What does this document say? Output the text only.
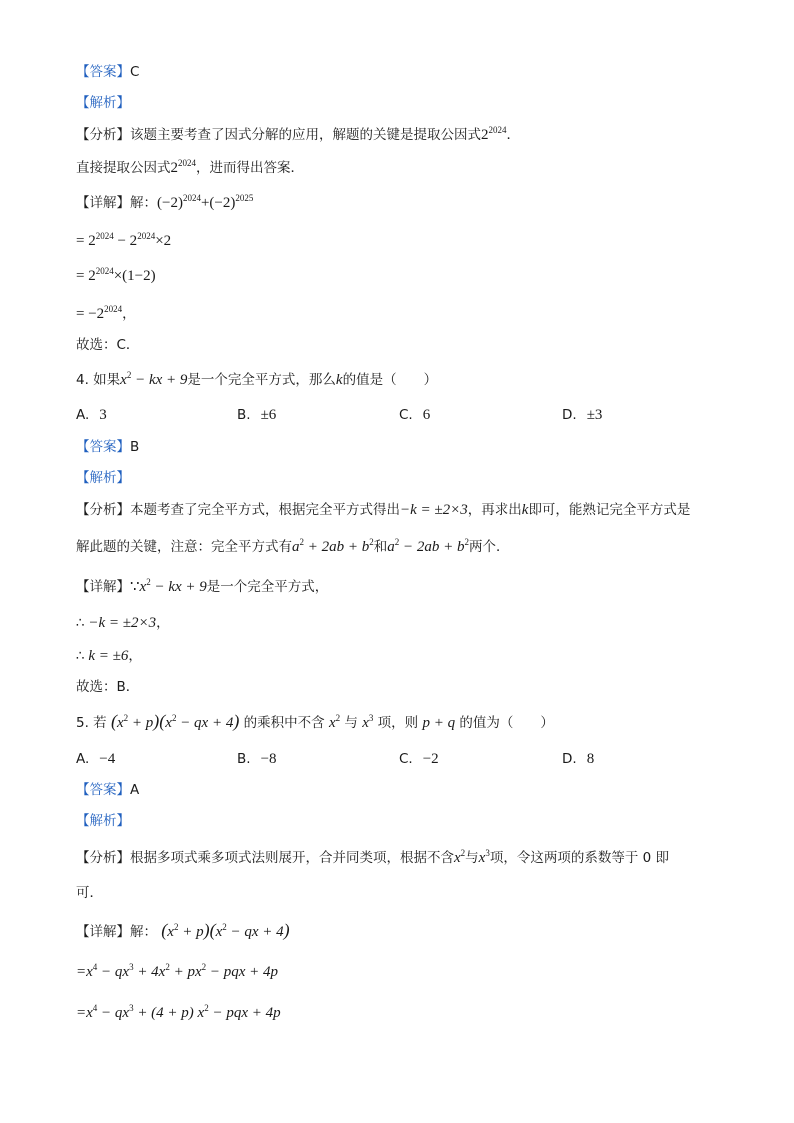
【答案】C
【解析】
【分析】该题主要考查了因式分解的应用，解题的关键是提取公因式$2^{2024}$．
直接提取公因式$2^{2024}$，进而得出答案．
【详解】解：$(-2)^{2024}+(-2)^{2025}$
= $2^{2024} - 2^{2024}\times 2$
= $2^{2024}\times(1-2)$
= $-2^{2024}$，
故选：C．
4. 如果$x^2$ − kx + 9是一个完全平方式，那么k的值是（　　）
A. 3	B. ±6	C. 6	D. ±3
【答案】B
【解析】
【分析】本题考查了完全平方式，根据完全平方式得出−k = ±2×3，再求出k即可，能熟记完全平方式是
解此题的关键，注意：完全平方式有$a^2 + 2ab + b^2$和$a^2 - 2ab + b^2$两个．
【详解】$\because x^2$ − kx + 9是一个完全平方式，
∴ −k = ±2×3，
∴ k = ±6，
故选：B．
5. 若 $(x^2 + p)(x^2$ − qx + 4) 的乘积中不含 $x^2$ 与 $x^3$ 项，则 p + q 的值为（　　）
A. −4	B. −8	C. −2	D. 8
【答案】A
【解析】
【分析】根据多项式乘多项式法则展开，合并同类项，根据不含$x^2$与$x^3$项，令这两项的系数等于 0 即
可．
【详解】解： $(x^2 + p)(x^2$ − qx + 4)
$=x^4 - qx^3 + 4x^2 + px^2$ − pqx + 4p
$=x^4 - qx^3 + (4 + p) x^2$ − pqx + 4p
